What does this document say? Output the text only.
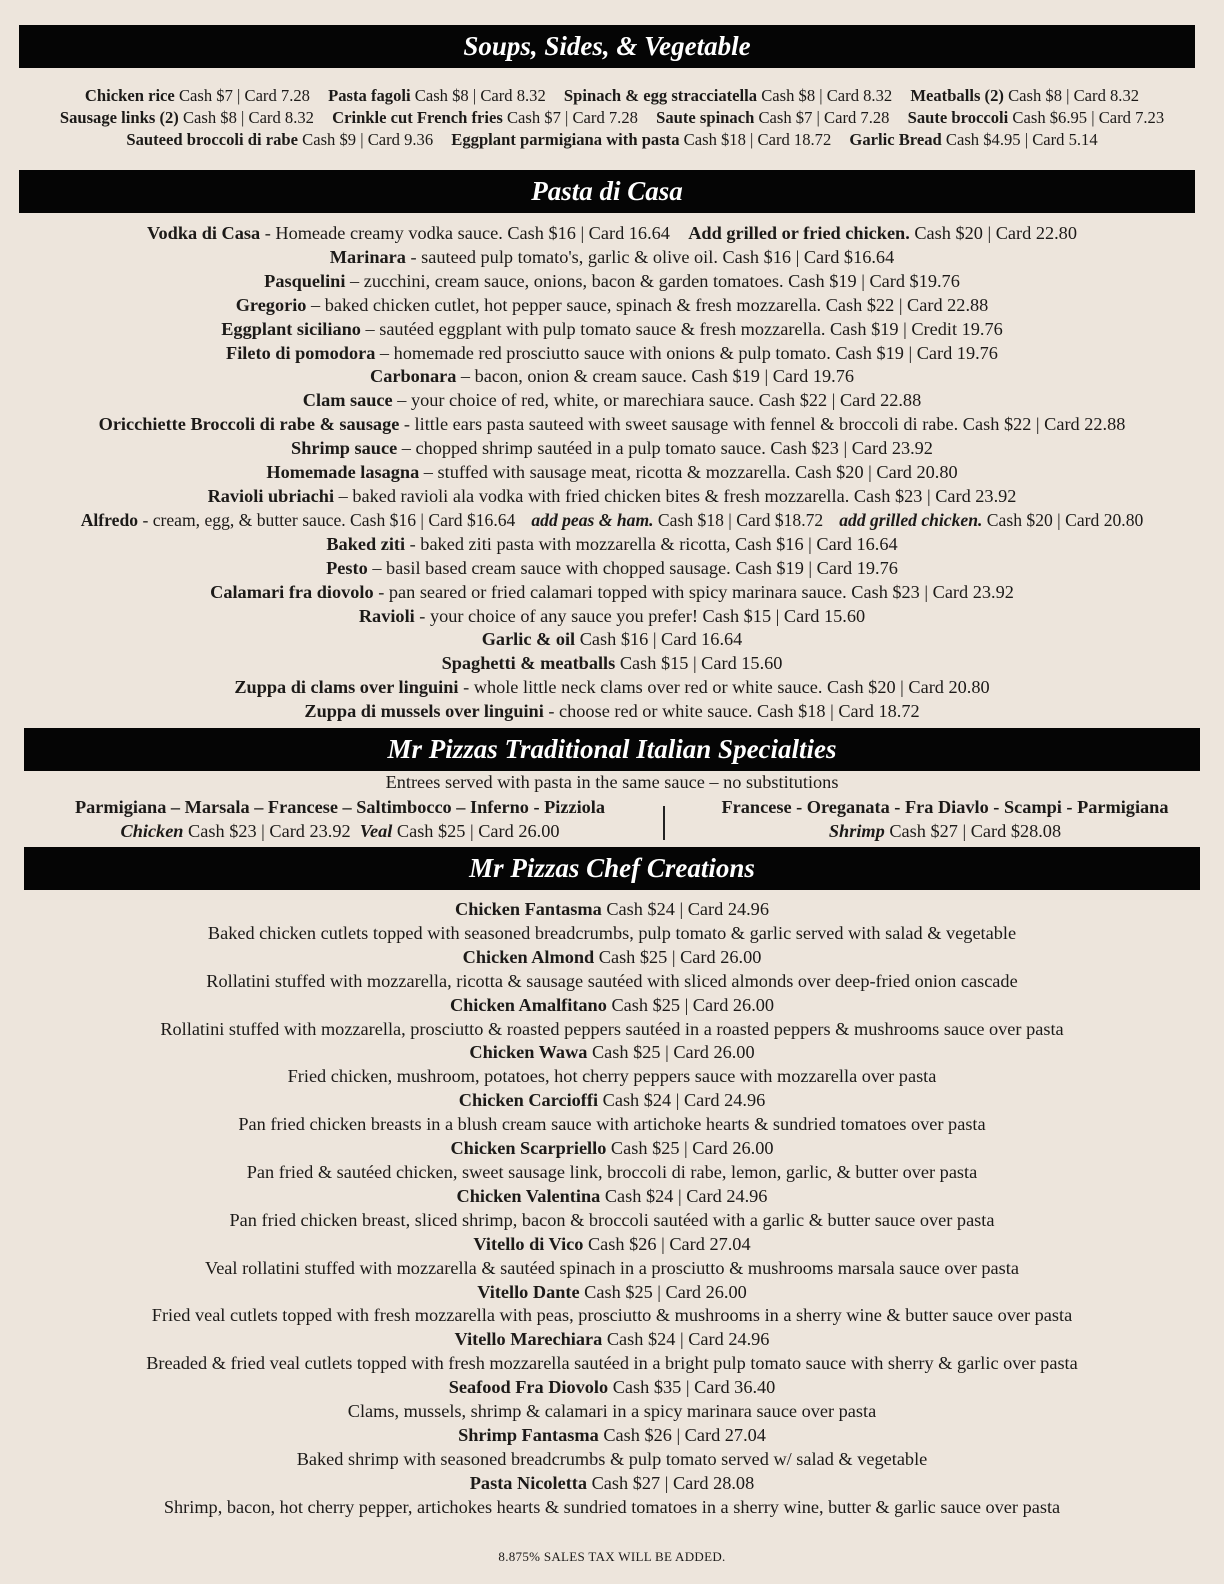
Soups, Sides, & Vegetable
Chicken rice Cash $7 | Card 7.28 Pasta fagoli Cash $8 | Card 8.32 Spinach & egg stracciatella Cash $8 | Card 8.32 Meatballs (2) Cash $8 | Card 8.32
Sausage links (2) Cash $8 | Card 8.32 Crinkle cut French fries Cash $7 | Card 7.28 Saute spinach Cash $7 | Card 7.28 Saute broccoli Cash $6.95 | Card 7.23
Sauteed broccoli di rabe Cash $9 | Card 9.36 Eggplant parmigiana with pasta Cash $18 | Card 18.72 Garlic Bread Cash $4.95 | Card 5.14
Pasta di Casa
Vodka di Casa - Homeade creamy vodka sauce. Cash $16 | Card 16.64 Add grilled or fried chicken. Cash $20 | Card 22.80
Marinara - sauteed pulp tomato's, garlic & olive oil. Cash $16 | Card $16.64
Pasquelini – zucchini, cream sauce, onions, bacon & garden tomatoes. Cash $19 | Card $19.76
Gregorio – baked chicken cutlet, hot pepper sauce, spinach & fresh mozzarella. Cash $22 | Card 22.88
Eggplant siciliano – sautéed eggplant with pulp tomato sauce & fresh mozzarella. Cash $19 | Credit 19.76
Fileto di pomodora – homemade red prosciutto sauce with onions & pulp tomato. Cash $19 | Card 19.76
Carbonara – bacon, onion & cream sauce. Cash $19 | Card 19.76
Clam sauce – your choice of red, white, or marechiara sauce. Cash $22 | Card 22.88
Oricchiette Broccoli di rabe & sausage - little ears pasta sauteed with sweet sausage with fennel & broccoli di rabe. Cash $22 | Card 22.88
Shrimp sauce – chopped shrimp sautéed in a pulp tomato sauce. Cash $23 | Card 23.92
Homemade lasagna – stuffed with sausage meat, ricotta & mozzarella. Cash $20 | Card 20.80
Ravioli ubriachi – baked ravioli ala vodka with fried chicken bites & fresh mozzarella. Cash $23 | Card 23.92
Alfredo - cream, egg, & butter sauce. Cash $16 | Card $16.64 add peas & ham. Cash $18 | Card $18.72 add grilled chicken. Cash $20 | Card 20.80
Baked ziti - baked ziti pasta with mozzarella & ricotta, Cash $16 | Card 16.64
Pesto – basil based cream sauce with chopped sausage. Cash $19 | Card 19.76
Calamari fra diovolo - pan seared or fried calamari topped with spicy marinara sauce. Cash $23 | Card 23.92
Ravioli - your choice of any sauce you prefer! Cash $15 | Card 15.60
Garlic & oil Cash $16 | Card 16.64
Spaghetti & meatballs Cash $15 | Card 15.60
Zuppa di clams over linguini - whole little neck clams over red or white sauce. Cash $20 | Card 20.80
Zuppa di mussels over linguini - choose red or white sauce. Cash $18 | Card 18.72
Mr Pizzas Traditional Italian Specialties
Entrees served with pasta in the same sauce – no substitutions
Parmigiana – Marsala – Francese – Saltimbocco – Inferno - Pizziola
Chicken Cash $23 | Card 23.92 Veal Cash $25 | Card 26.00
Francese - Oreganata - Fra Diavlo - Scampi - Parmigiana
Shrimp Cash $27 | Card $28.08
Mr Pizzas Chef Creations
Chicken Fantasma Cash $24 | Card 24.96
Baked chicken cutlets topped with seasoned breadcrumbs, pulp tomato & garlic served with salad & vegetable
Chicken Almond Cash $25 | Card 26.00
Rollatini stuffed with mozzarella, ricotta & sausage sautéed with sliced almonds over deep-fried onion cascade
Chicken Amalfitano Cash $25 | Card 26.00
Rollatini stuffed with mozzarella, prosciutto & roasted peppers sautéed in a roasted peppers & mushrooms sauce over pasta
Chicken Wawa Cash $25 | Card 26.00
Fried chicken, mushroom, potatoes, hot cherry peppers sauce with mozzarella over pasta
Chicken Carcioffi Cash $24 | Card 24.96
Pan fried chicken breasts in a blush cream sauce with artichoke hearts & sundried tomatoes over pasta
Chicken Scarpriello Cash $25 | Card 26.00
Pan fried & sautéed chicken, sweet sausage link, broccoli di rabe, lemon, garlic, & butter over pasta
Chicken Valentina Cash $24 | Card 24.96
Pan fried chicken breast, sliced shrimp, bacon & broccoli sautéed with a garlic & butter sauce over pasta
Vitello di Vico Cash $26 | Card 27.04
Veal rollatini stuffed with mozzarella & sautéed spinach in a prosciutto & mushrooms marsala sauce over pasta
Vitello Dante Cash $25 | Card 26.00
Fried veal cutlets topped with fresh mozzarella with peas, prosciutto & mushrooms in a sherry wine & butter sauce over pasta
Vitello Marechiara Cash $24 | Card 24.96
Breaded & fried veal cutlets topped with fresh mozzarella sautéed in a bright pulp tomato sauce with sherry & garlic over pasta
Seafood Fra Diovolo Cash $35 | Card 36.40
Clams, mussels, shrimp & calamari in a spicy marinara sauce over pasta
Shrimp Fantasma Cash $26 | Card 27.04
Baked shrimp with seasoned breadcrumbs & pulp tomato served w/ salad & vegetable
Pasta Nicoletta Cash $27 | Card 28.08
Shrimp, bacon, hot cherry pepper, artichokes hearts & sundried tomatoes in a sherry wine, butter & garlic sauce over pasta
8.875% SALES TAX WILL BE ADDED.
